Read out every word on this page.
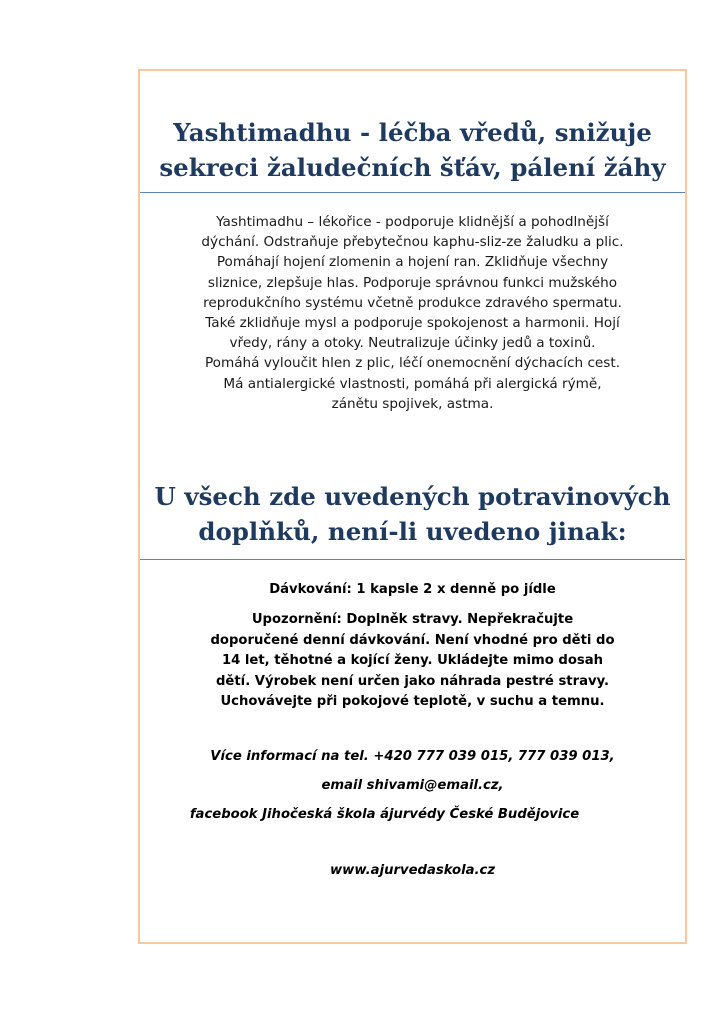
Yashtimadhu - léčba vředů, snižuje
sekreci žaludečních šťáv, pálení žáhy
Yashtimadhu – lékořice - podporuje klidnější a pohodlnější
dýchání. Odstraňuje přebytečnou kaphu-sliz-ze žaludku a plic.
Pomáhají hojení zlomenin a hojení ran. Zklidňuje všechny
sliznice, zlepšuje hlas. Podporuje správnou funkci mužského
reprodukčního systému včetně produkce zdravého spermatu.
Také zklidňuje mysl a podporuje spokojenost a harmonii. Hojí
vředy, rány a otoky. Neutralizuje účinky jedů a toxinů.
Pomáhá vyloučit hlen z plic, léčí onemocnění dýchacích cest.
Má antialergické vlastnosti, pomáhá při alergická rýmě,
zánětu spojivek, astma.
U všech zde uvedených potravinových
doplňků, není-li uvedeno jinak:
Dávkování: 1 kapsle 2 x denně po jídle
Upozornění: Doplněk stravy. Nepřekračujte
doporučené denní dávkování. Není vhodné pro děti do
14 let, těhotné a kojící ženy. Ukládejte mimo dosah
dětí. Výrobek není určen jako náhrada pestré stravy.
Uchovávejte při pokojové teplotě, v suchu a temnu.
Více informací na tel. +420 777 039 015, 777 039 013,
email shivami@email.cz,
facebook Jihočeská škola ájurvédy České Budějovice
www.ajurvedaskola.cz
